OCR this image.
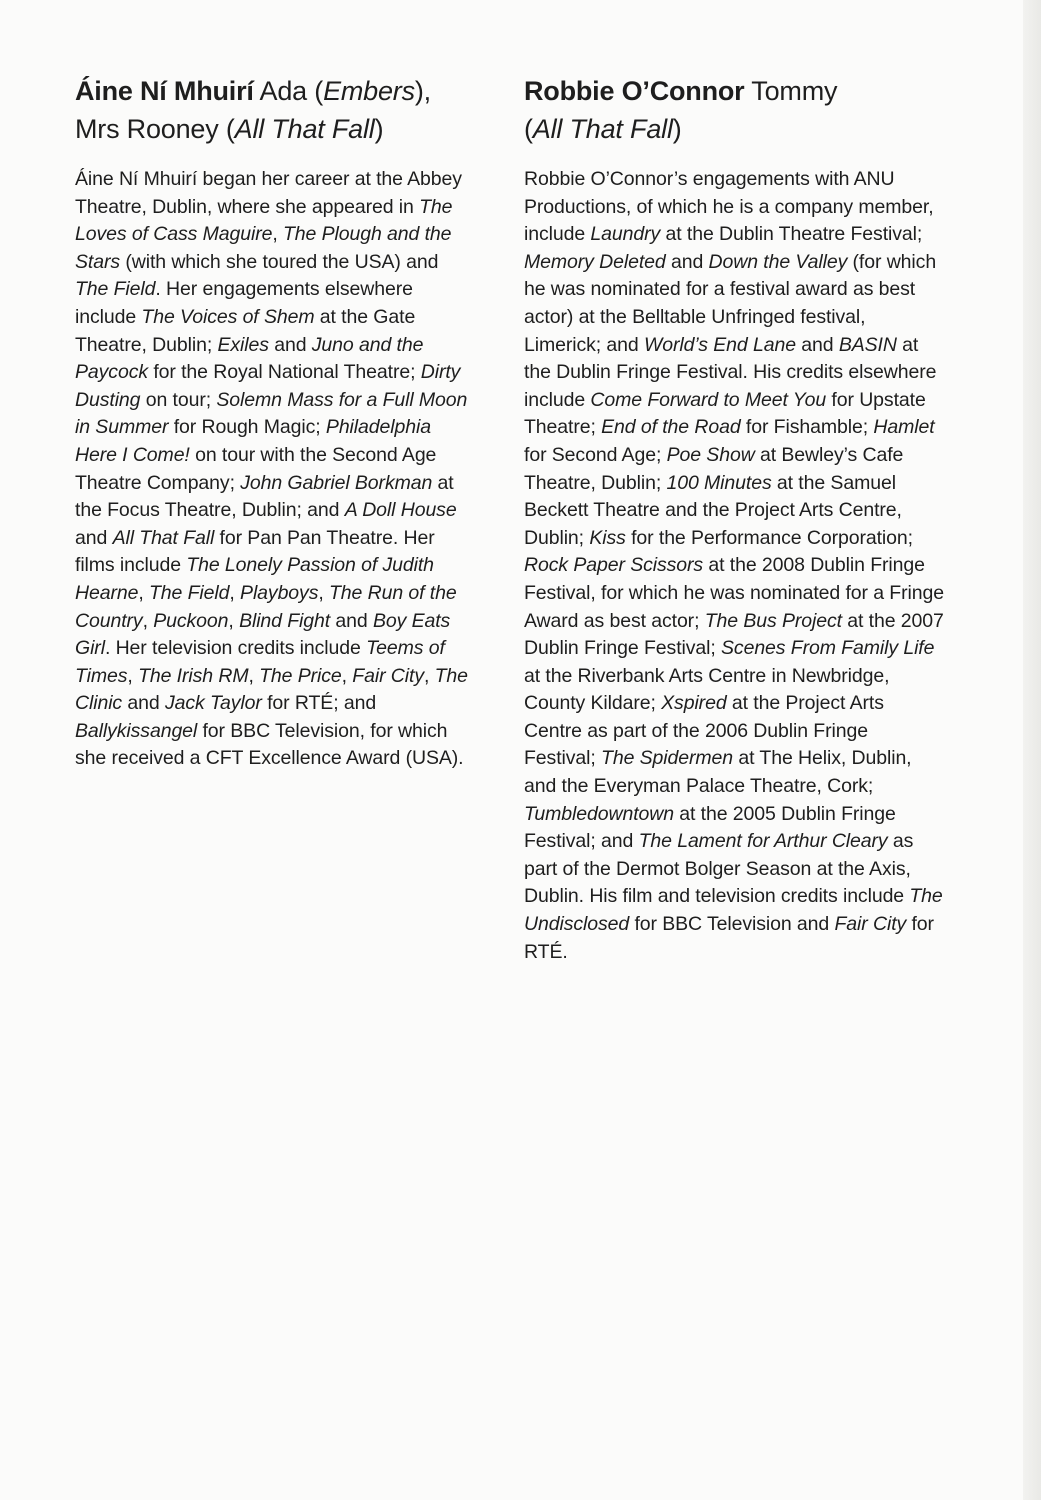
Áine Ní Mhuirí Ada (Embers),
Mrs Rooney (All That Fall)

Áine Ní Mhuirí began her career at the Abbey Theatre, Dublin, where she appeared in The Loves of Cass Maguire, The Plough and the Stars (with which she toured the USA) and The Field. Her engagements elsewhere include The Voices of Shem at the Gate Theatre, Dublin; Exiles and Juno and the Paycock for the Royal National Theatre; Dirty Dusting on tour; Solemn Mass for a Full Moon in Summer for Rough Magic; Philadelphia Here I Come! on tour with the Second Age Theatre Company; John Gabriel Borkman at the Focus Theatre, Dublin; and A Doll House and All That Fall for Pan Pan Theatre. Her films include The Lonely Passion of Judith Hearne, The Field, Playboys, The Run of the Country, Puckoon, Blind Fight and Boy Eats Girl. Her television credits include Teems of Times, The Irish RM, The Price, Fair City, The Clinic and Jack Taylor for RTÉ; and Ballykissangel for BBC Television, for which she received a CFT Excellence Award (USA).

Robbie O’Connor Tommy
(All That Fall)

Robbie O’Connor’s engagements with ANU Productions, of which he is a company member, include Laundry at the Dublin Theatre Festival; Memory Deleted and Down the Valley (for which he was nominated for a festival award as best actor) at the Belltable Unfringed festival, Limerick; and World’s End Lane and BASIN at the Dublin Fringe Festival. His credits elsewhere include Come Forward to Meet You for Upstate Theatre; End of the Road for Fishamble; Hamlet for Second Age; Poe Show at Bewley’s Cafe Theatre, Dublin; 100 Minutes at the Samuel Beckett Theatre and the Project Arts Centre, Dublin; Kiss for the Performance Corporation; Rock Paper Scissors at the 2008 Dublin Fringe Festival, for which he was nominated for a Fringe Award as best actor; The Bus Project at the 2007 Dublin Fringe Festival; Scenes From Family Life at the Riverbank Arts Centre in Newbridge, County Kildare; Xspired at the Project Arts Centre as part of the 2006 Dublin Fringe Festival; The Spidermen at The Helix, Dublin, and the Everyman Palace Theatre, Cork; Tumbledowntown at the 2005 Dublin Fringe Festival; and The Lament for Arthur Cleary as part of the Dermot Bolger Season at the Axis, Dublin. His film and television credits include The Undisclosed for BBC Television and Fair City for RTÉ.
